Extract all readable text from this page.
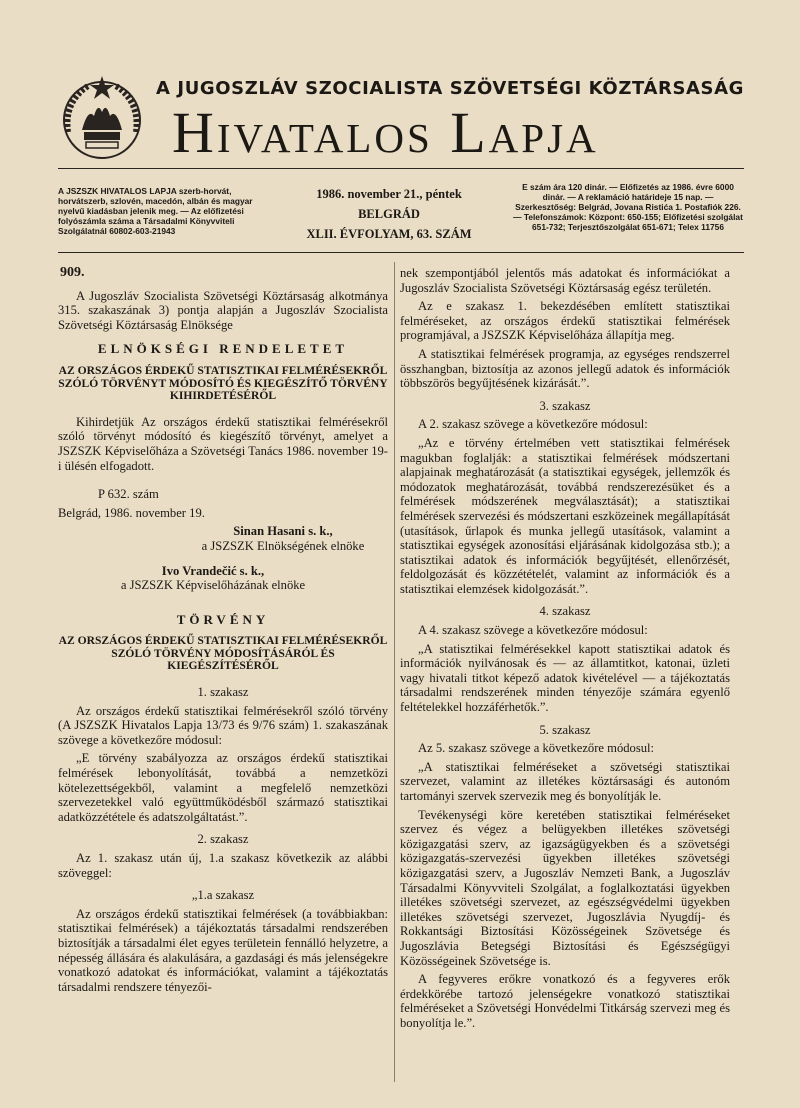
A JUGOSZLÁV SZOCIALISTA SZÖVETSÉGI KÖZTÁRSASÁG
Hivatalos Lapja
A JSZSZK HIVATALOS LAPJA szerb-horvát, horvátszerb, szlovén, macedón, albán és magyar nyelvű kiadásban jelenik meg. — Az előfizetési folyószámla száma a Társadalmi Könyvviteli Szolgálatnál 60802-603-21943
1986. november 21., péntek
BELGRÁD
XLII. ÉVFOLYAM, 63. SZÁM
E szám ára 120 dinár. — Előfizetés az 1986. évre 6000 dinár. — A reklamáció határideje 15 nap. — Szerkesztőség: Belgrád, Jovana Ristića 1. Postafiók 226. — Telefonszámok: Központ: 650-155; Előfizetési szolgálat 651-732; Terjesztőszolgálat 651-671; Telex 11756
909.

A Jugoszláv Szocialista Szövetségi Köztársaság alkotmánya 315. szakaszának 3) pontja alapján a Jugoszláv Szocialista Szövetségi Köztársaság Elnöksége

ELNÖKSÉGI RENDELETET
AZ ORSZÁGOS ÉRDEKŰ STATISZTIKAI FELMÉRÉSEKRŐL SZÓLÓ TÖRVÉNYT MÓDOSÍTÓ ÉS KIEGÉSZÍTŐ TÖRVÉNY KIHIRDETÉSÉRŐL

Kihirdetjük Az országos érdekű statisztikai felmérésekről szóló törvényt módosító és kiegészítő törvényt, amelyet a JSZSZK Képviselőháza a Szövetségi Tanács 1986. november 19-i ülésén elfogadott.

P 632. szám

Belgrád, 1986. november 19.

Sinan Hasani s. k.,
a JSZSZK Elnökségének elnöke
Ivo Vrandečić s. k.,
a JSZSZK Képviselőházának elnöke
TÖRVÉNY
AZ ORSZÁGOS ÉRDEKŰ STATISZTIKAI FELMÉRÉSEKRŐL SZÓLÓ TÖRVÉNY MÓDOSÍTÁSÁRÓL ÉS KIEGÉSZÍTÉSÉRŐL
1. szakasz

Az országos érdekű statisztikai felmérésekről szóló törvény (A JSZSZK Hivatalos Lapja 13/73 és 9/76 szám) 1. szakaszának szövege a következőre módosul:

„E törvény szabályozza az országos érdekű statisztikai felmérések lebonyolítását, továbbá a nemzetközi kötelezettségekből, valamint a megfelelő nemzetközi szervezetekkel való együttműködésből származó statisztikai adatközzététele és adatszolgáltatást.”.

2. szakasz

Az 1. szakasz után új, 1.a szakasz következik az alábbi szöveggel:

„1.a szakasz

Az országos érdekű statisztikai felmérések (a továbbiakban: statisztikai felmérések) a tájékoztatás társadalmi rendszerében biztosítják a társadalmi élet egyes területein fennálló helyzetre, a népesség állására és alakulására, a gazdasági és más jelenségekre vonatkozó adatokat és információkat, valamint a tájékoztatás társadalmi rendszere tényezői-

nek szempontjából jelentős más adatokat és információkat a Jugoszláv Szocialista Szövetségi Köztársaság egész területén.

Az e szakasz 1. bekezdésében említett statisztikai felméréseket, az országos érdekű statisztikai felmérések programjával, a JSZSZK Képviselőháza állapítja meg.

A statisztikai felmérések programja, az egységes rendszerrel összhangban, biztosítja az azonos jellegű adatok és információk többszörös begyűjtésének kizárását.”.

3. szakasz

A 2. szakasz szövege a következőre módosul:

„Az e törvény értelmében vett statisztikai felmérések magukban foglalják: a statisztikai felmérések módszertani alapjainak meghatározását (a statisztikai egységek, jellemzők és módozatok meghatározását, továbbá rendszerezésüket és a felmérések módszerének megválasztását); a statisztikai felmérések szervezési és módszertani eszközeinek megállapítását (utasítások, űrlapok és munka jellegű utasítások, valamint a statisztikai egységek azonosítási eljárásának kidolgozása stb.); a statisztikai adatok és információk begyűjtését, ellenőrzését, feldolgozását és közzétételét, valamint az információk és a statisztikai elemzések kidolgozását.”.

4. szakasz

A 4. szakasz szövege a következőre módosul:

„A statisztikai felmérésekkel kapott statisztikai adatok és információk nyilvánosak és — az államtitkot, katonai, üzleti vagy hivatali titkot képező adatok kivételével — a tájékoztatás társadalmi rendszerének minden tényezője számára egyenlő feltételekkel hozzáférhetők.”.

5. szakasz

Az 5. szakasz szövege a következőre módosul:

„A statisztikai felméréseket a szövetségi statisztikai szervezet, valamint az illetékes köztársasági és autonóm tartományi szervek szervezik meg és bonyolítják le.

Tevékenységi köre keretében statisztikai felméréseket szervez és végez a belügyekben illetékes szövetségi közigazgatási szerv, az igazságügyekben és a szövetségi közigazgatás-szervezési ügyekben illetékes szövetségi közigazgatási szerv, a Jugoszláv Nemzeti Bank, a Jugoszláv Társadalmi Könyvviteli Szolgálat, a foglalkoztatási ügyekben illetékes szövetségi szervezet, az egészségvédelmi ügyekben illetékes szövetségi szervezet, Jugoszlávia Nyugdíj- és Rokkantsági Biztosítási Közösségeinek Szövetsége és Jugoszlávia Betegségi Biztosítási és Egészségügyi Közösségeinek Szövetsége is.

A fegyveres erőkre vonatkozó és a fegyveres erők érdekkörébe tartozó jelenségekre vonatkozó statisztikai felméréseket a Szövetségi Honvédelmi Titkárság szervezi meg és bonyolítja le.”.
